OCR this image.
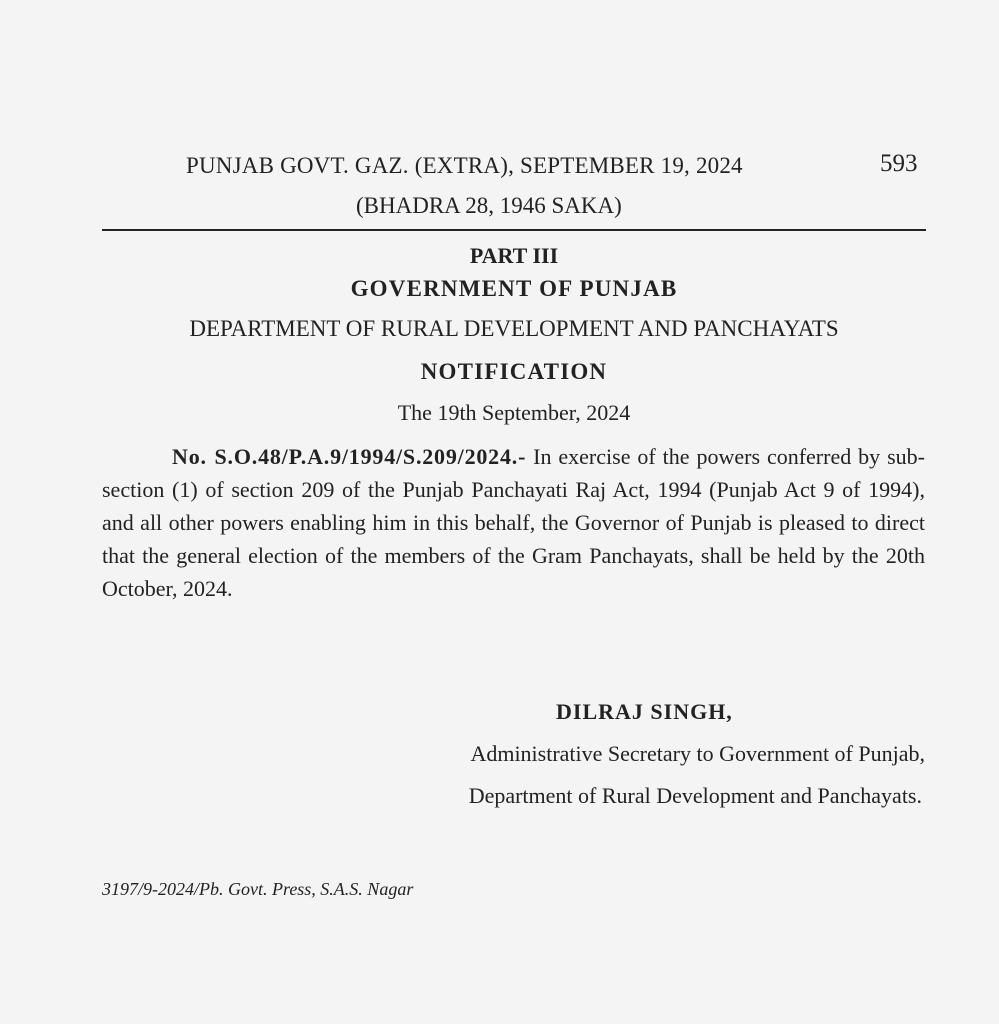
PUNJAB GOVT. GAZ. (EXTRA), SEPTEMBER 19, 2024	593
(BHADRA 28, 1946 SAKA)
PART III
GOVERNMENT OF PUNJAB
DEPARTMENT OF RURAL DEVELOPMENT AND PANCHAYATS
NOTIFICATION
The 19th September, 2024
No. S.O.48/P.A.9/1994/S.209/2024.- In exercise of the powers conferred by sub-section (1) of section 209 of the Punjab Panchayati Raj Act, 1994 (Punjab Act 9 of 1994), and all other powers enabling him in this behalf, the Governor of Punjab is pleased to direct that the general election of the members of the Gram Panchayats, shall be held by the 20th October, 2024.
DILRAJ SINGH,
Administrative Secretary to Government of Punjab,
Department of Rural Development and Panchayats.
3197/9-2024/Pb. Govt. Press, S.A.S. Nagar
